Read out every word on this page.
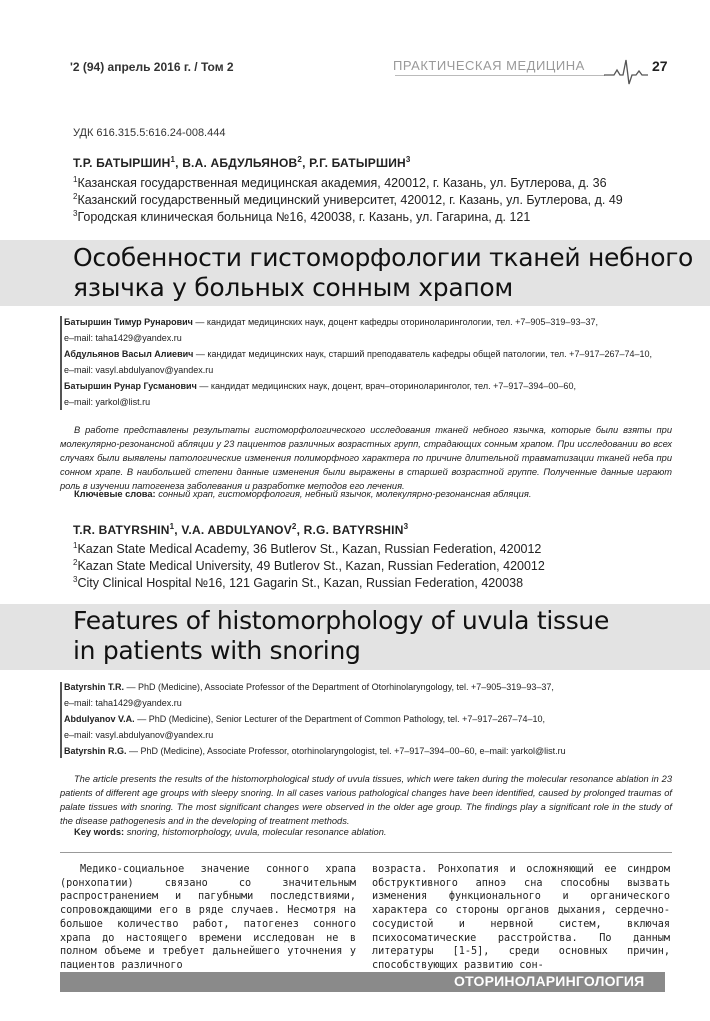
'2 (94) апрель 2016 г. / Том 2	ПРАКТИЧЕСКАЯ МЕДИЦИНА	27
УДК 616.315.5:616.24-008.444
Т.Р. БАТЫРШИН$^1$, В.А. АБДУЛЬЯНОВ$^2$, Р.Г. БАТЫРШИН$^3$
$^1$Казанская государственная медицинская академия, 420012, г. Казань, ул. Бутлерова, д. 36
$^2$Казанский государственный медицинский университет, 420012, г. Казань, ул. Бутлерова, д. 49
$^3$Городская клиническая больница №16, 420038, г. Казань, ул. Гагарина, д. 121
Особенности гистоморфологии тканей небного
язычка у больных сонным храпом
Батыршин Тимур Рунарович — кандидат медицинских наук, доцент кафедры оториноларингологии, тел. +7–905–319–93–37,
e–mail: taha1429@yandex.ru
Абдульянов Васыл Алиевич — кандидат медицинских наук, старший преподаватель кафедры общей патологии, тел. +7–917–267–74–10,
e–mail: vasyl.abdulyanov@yandex.ru
Батыршин Рунар Гусманович — кандидат медицинских наук, доцент, врач–оториноларинголог, тел. +7–917–394–00–60,
e–mail: yarkol@list.ru
В работе представлены результаты гистоморфологического исследования тканей небного язычка, которые были взяты при молекулярно-резонансной абляции у 23 пациентов различных возрастных групп, страдающих сонным храпом. При исследовании во всех случаях были выявлены патологические изменения полиморфного характера по причине длительной травматизации тканей неба при сонном храпе. В наибольшей степени данные изменения были выражены в старшей возрастной группе. Полученные данные играют роль в изучении патогенеза заболевания и разработке методов его лечения.
Ключевые слова: сонный храп, гистоморфология, небный язычок, молекулярно-резонансная абляция.
T.R. BATYRSHIN$^1$, V.A. ABDULYANOV$^2$, R.G. BATYRSHIN$^3$
$^1$Kazan State Medical Academy, 36 Butlerov St., Kazan, Russian Federation, 420012
$^2$Kazan State Medical University, 49 Butlerov St., Kazan, Russian Federation, 420012
$^3$City Clinical Hospital №16, 121 Gagarin St., Kazan, Russian Federation, 420038
Features of histomorphology of uvula tissue
in patients with snoring
Batyrshin T.R. — PhD (Medicine), Associate Professor of the Department of Otorhinolaryngology, tel. +7–905–319–93–37,
e–mail: taha1429@yandex.ru
Abdulyanov V.A. — PhD (Medicine), Senior Lecturer of the Department of Common Pathology, tel. +7–917–267–74–10,
e–mail: vasyl.abdulyanov@yandex.ru
Batyrshin R.G. — PhD (Medicine), Associate Professor, otorhinolaryngologist, tel. +7–917–394–00–60, e–mail: yarkol@list.ru
The article presents the results of the histomorphological study of uvula tissues, which were taken during the molecular resonance ablation in 23 patients of different age groups with sleepy snoring. In all cases various pathological changes have been identified, caused by prolonged traumas of palate tissues with snoring. The most significant changes were observed in the older age group. The findings play a significant role in the study of the disease pathogenesis and in the developing of treatment methods.
Key words: snoring, histomorphology, uvula, molecular resonance ablation.
Медико-социальное значение сонного храпа (ронхопатии) связано со значительным распространением и пагубными последствиями, сопровождающими его в ряде случаев. Несмотря на большое количество работ, патогенез сонного храпа до настоящего времени исследован не в полном объеме и требует дальнейшего уточнения у пациентов различного
возраста. Ронхопатия и осложняющий ее синдром обструктивного апноэ сна способны вызвать изменения функционального и органического характера со стороны органов дыхания, сердечно-сосудистой и нервной систем, включая психосоматические расстройства. По данным литературы [1-5], среди основных причин, способствующих развитию сон-
ОТОРИНОЛАРИНГОЛОГИЯ
